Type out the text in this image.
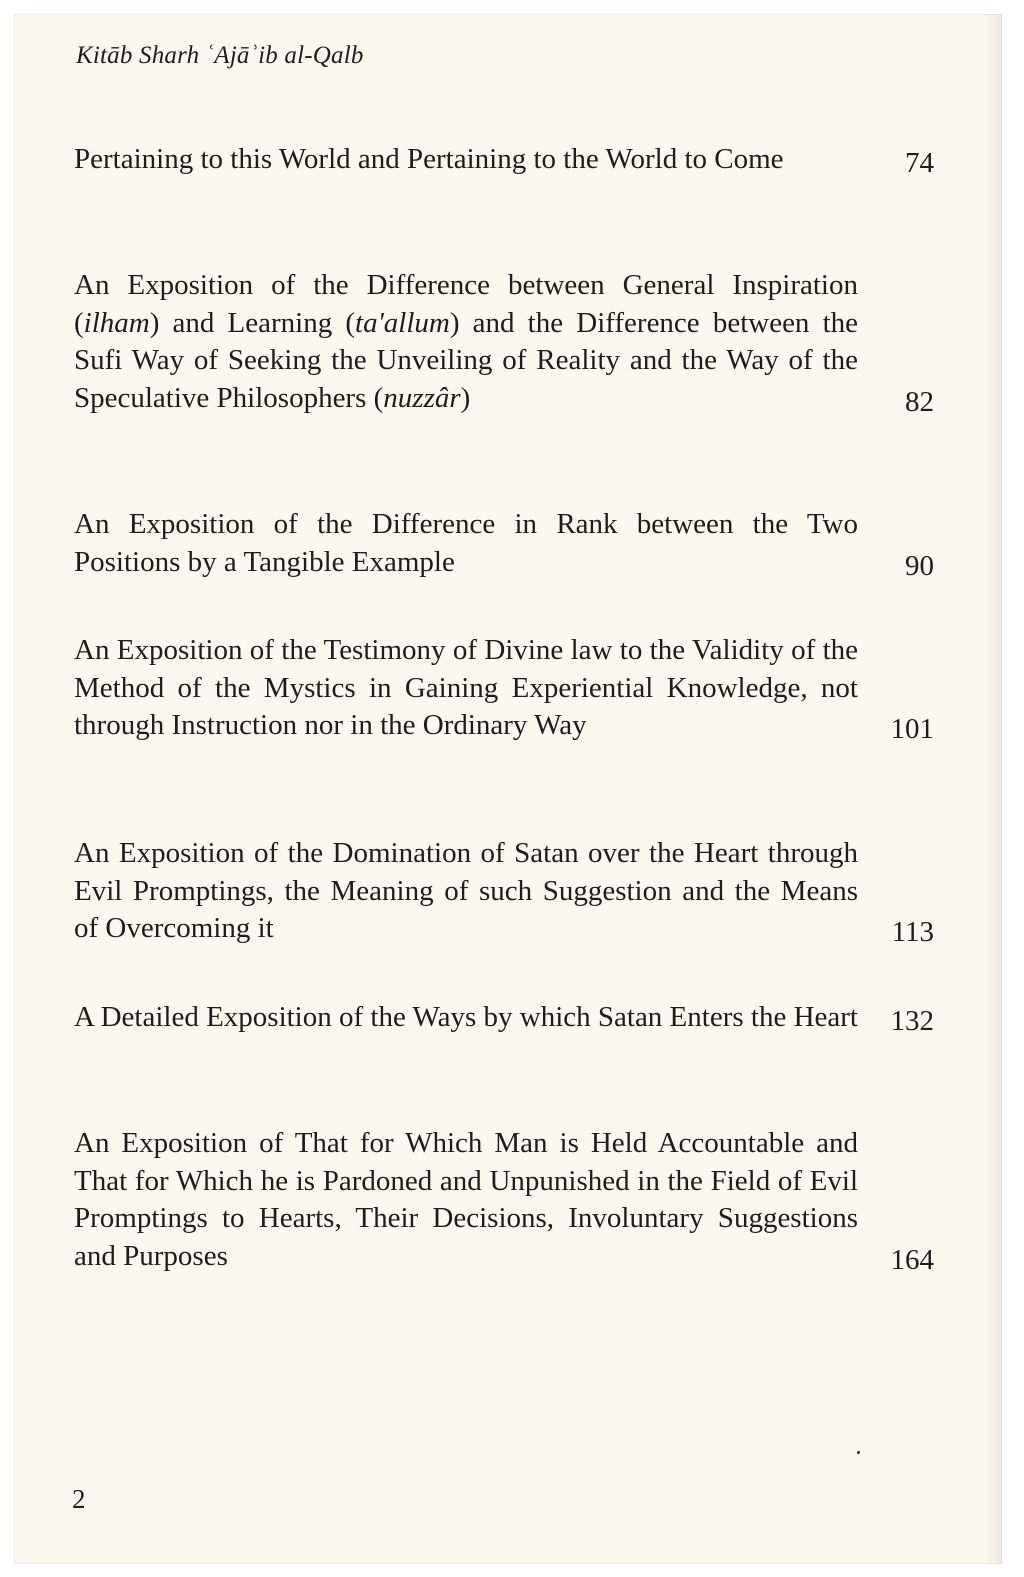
Kitāb Sharh ʿAjāʾib al-Qalb
Pertaining to this World and Pertaining to the World to Come	74
An Exposition of the Difference between General Inspiration (ilham) and Learning (ta'allum) and the Difference between the Sufi Way of Seeking the Unveiling of Reality and the Way of the Speculative Philosophers (nuzzâr)	82
An Exposition of the Difference in Rank between the Two Positions by a Tangible Example	90
An Exposition of the Testimony of Divine law to the Validity of the Method of the Mystics in Gaining Experiential Knowledge, not through Instruction nor in the Ordinary Way	101
An Exposition of the Domination of Satan over the Heart through Evil Promptings, the Meaning of such Suggestion and the Means of Overcoming it	113
A Detailed Exposition of the Ways by which Satan Enters the Heart 132
An Exposition of That for Which Man is Held Accountable and That for Which he is Pardoned and Unpunished in the Field of Evil Promptings to Hearts, Their Decisions, Involuntary Suggestions and Purposes	164
2
